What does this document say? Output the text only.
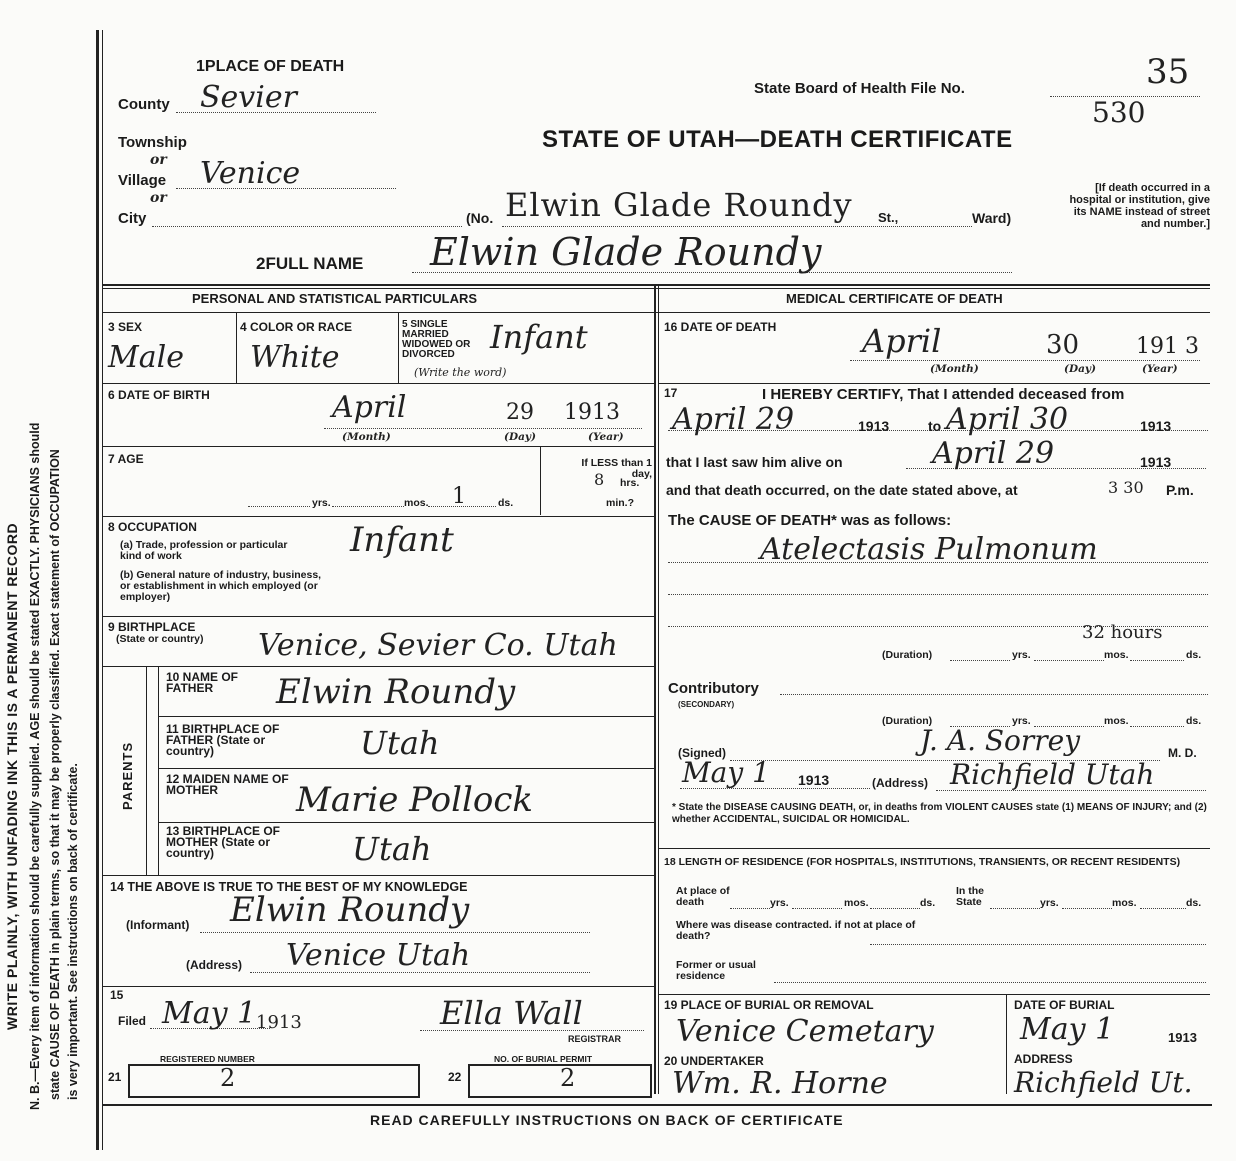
WRITE PLAINLY, WITH UNFADING INK THIS IS A PERMANENT RECORD N. B.—Every item of information should be carefully supplied. AGE should be stated EXACTLY. PHYSICIANS should state CAUSE OF DEATH in plain terms, so that it may be properly classified. Exact statement of OCCUPATION is very important. See instructions on back of certificate.
1PLACE OF DEATH
County Sevier
Township
or
Village Venice
or
City	(No. Elwin Glade Roundy St.,	Ward)
State Board of Health File No.	35
530
STATE OF UTAH—DEATH CERTIFICATE
[If death occurred in a hospital or institution, give its NAME instead of street and number.]
2FULL NAME Elwin Glade Roundy
PERSONAL AND STATISTICAL PARTICULARS
3 SEX
Male
4 COLOR OR RACE
White
5 SINGLE MARRIED WIDOWED OR DIVORCED
(Write the word)
Infant
6 DATE OF BIRTH	April	29 1913
(Month)	(Day)	(Year)
7 AGE
yrs.	mos. 1	ds.
If LESS than 1 day,
8 hrs.
min.?
8 OCCUPATION
(a) Trade, profession or particular kind of work
(b) General nature of industry, business, or establishment in which employed (or employer)
Infant
9 BIRTHPLACE
(State or country) Venice, Sevier Co. Utah
PARENTS
10 NAME OF FATHER	Elwin Roundy
11 BIRTHPLACE OF FATHER (State or country)	Utah
12 MAIDEN NAME OF MOTHER	Marie Pollock
13 BIRTHPLACE OF MOTHER (State or country)	Utah
14 THE ABOVE IS TRUE TO THE BEST OF MY KNOWLEDGE
(Informant) Elwin Roundy
(Address) Venice Utah
15
Filed May 1 1913	Ella Wall
REGISTRAR
REGISTERED NUMBER
21	2
NO. OF BURIAL PERMIT
22	2
MEDICAL CERTIFICATE OF DEATH
16 DATE OF DEATH	April	30	191 3
(Month)	(Day)	(Year)
17	I HEREBY CERTIFY, That I attended deceased from
April 29	1913	to April 30	1913
that I last saw him alive on	April 29	1913
and that death occurred, on the date stated above, at	3 30 P.m.
The CAUSE OF DEATH* was as follows:
Atelectasis Pulmonum
32 hours
(Duration)	yrs.	mos.	ds.
Contributory
(SECONDARY)
(Duration)	yrs.	mos.	ds.
(Signed)	J. A. Sorrey	M. D.
May 1 1913	(Address) Richfield Utah
* State the DISEASE CAUSING DEATH, or, in deaths from VIOLENT CAUSES state (1) MEANS OF INJURY; and (2) whether ACCIDENTAL, SUICIDAL OR HOMICIDAL.
18 LENGTH OF RESIDENCE (FOR HOSPITALS, INSTITUTIONS, TRANSIENTS, OR RECENT RESIDENTS)
At place of death	yrs.	mos.	ds.
In the State	yrs.	mos.	ds.
Where was disease contracted. if not at place of death?
Former or usual residence
19 PLACE OF BURIAL OR REMOVAL
Venice Cemetary
DATE OF BURIAL
May 1	1913
20 UNDERTAKER
Wm. R. Horne
ADDRESS
Richfield Ut.
READ CAREFULLY INSTRUCTIONS ON BACK OF CERTIFICATE
